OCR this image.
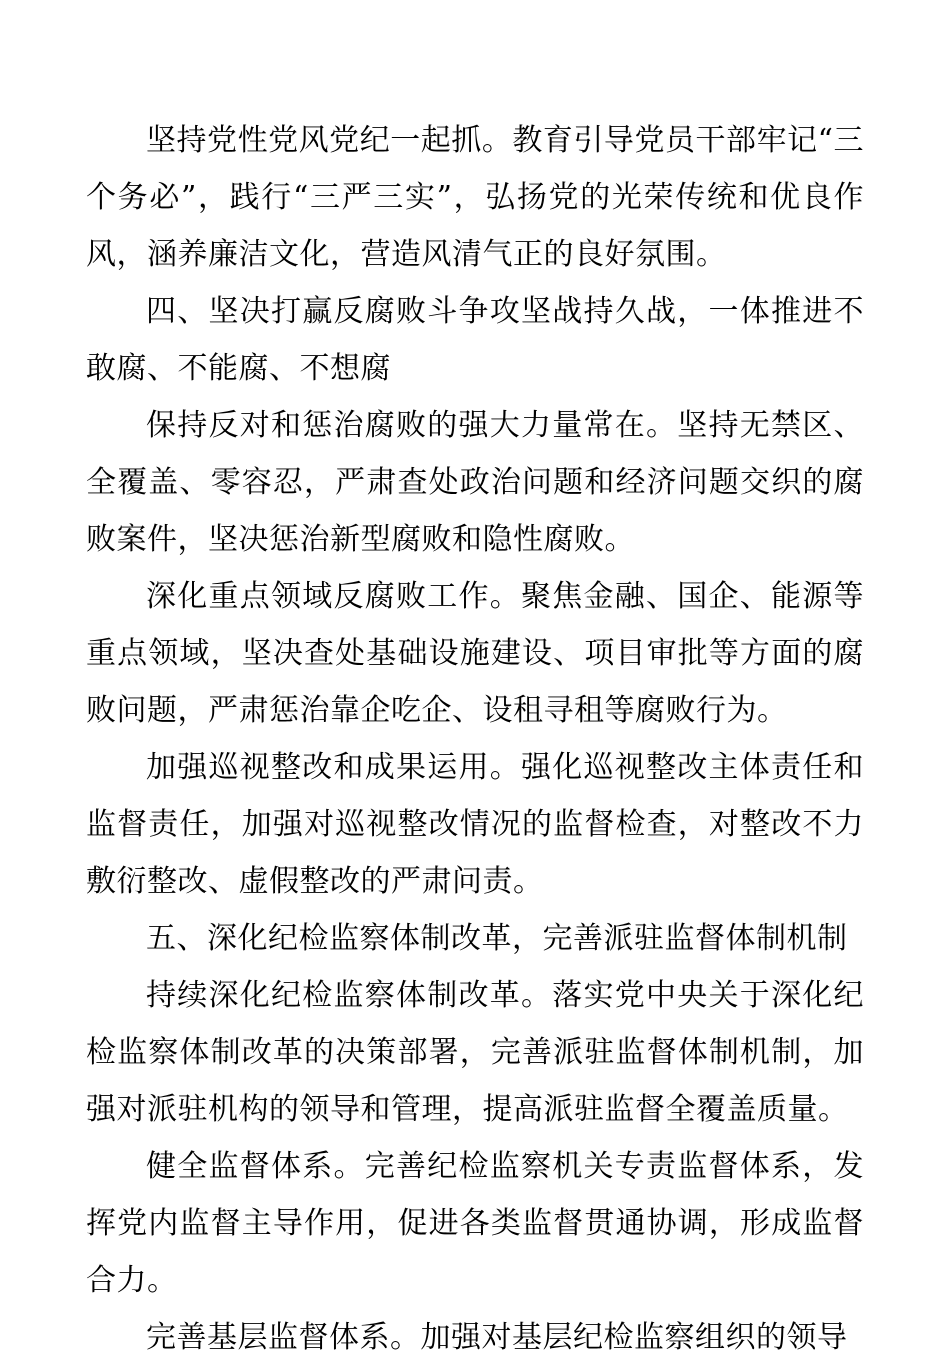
坚持党性党风党纪一起抓。教育引导党员干部牢记“三个务必”，践行“三严三实”，弘扬党的光荣传统和优良作风，涵养廉洁文化，营造风清气正的良好氛围。

四、坚决打赢反腐败斗争攻坚战持久战，一体推进不敢腐、不能腐、不想腐

保持反对和惩治腐败的强大力量常在。坚持无禁区、全覆盖、零容忍，严肃查处政治问题和经济问题交织的腐败案件，坚决惩治新型腐败和隐性腐败。

深化重点领域反腐败工作。聚焦金融、国企、能源等重点领域，坚决查处基础设施建设、项目审批等方面的腐败问题，严肃惩治靠企吃企、设租寻租等腐败行为。

加强巡视整改和成果运用。强化巡视整改主体责任和监督责任，加强对巡视整改情况的监督检查，对整改不力敷衍整改、虚假整改的严肃问责。

五、深化纪检监察体制改革，完善派驻监督体制机制

持续深化纪检监察体制改革。落实党中央关于深化纪检监察体制改革的决策部署，完善派驻监督体制机制，加强对派驻机构的领导和管理，提高派驻监督全覆盖质量。

健全监督体系。完善纪检监察机关专责监督体系，发挥党内监督主导作用，促进各类监督贯通协调，形成监督合力。

完善基层监督体系。加强对基层纪检监察组织的领导
